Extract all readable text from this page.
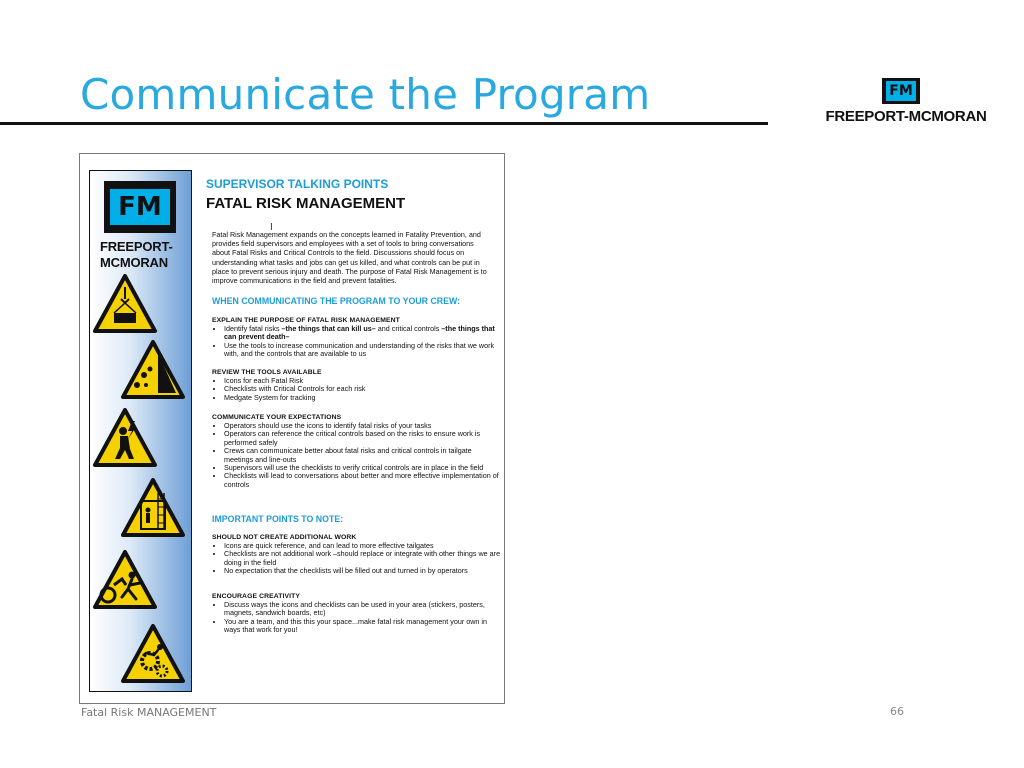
Communicate the Program	FM
FREEPORT-MCMORAN
FM
FREEPORT-
MCMORAN
SUPERVISOR TALKING POINTS
FATAL RISK MANAGEMENT
I
Fatal Risk Management expands on the concepts learned in Fatality Prevention, and provides field supervisors and employees with a set of tools to bring conversations about Fatal Risks and Critical Controls to the field. Discussions should focus on understanding what tasks and jobs can get us killed, and what controls can be put in place to prevent serious injury and death. The purpose of Fatal Risk Management is to improve communications in the field and prevent fatalities.
WHEN COMMUNICATING THE PROGRAM TO YOUR CREW:
EXPLAIN THE PURPOSE OF FATAL RISK MANAGEMENT
• Identify fatal risks –the things that can kill us– and critical controls –the things that can prevent death–
• Use the tools to increase communication and understanding of the risks that we work with, and the controls that are available to us
REVIEW THE TOOLS AVAILABLE
• Icons for each Fatal Risk
• Checklists with Critical Controls for each risk
• Medgate System for tracking
COMMUNICATE YOUR EXPECTATIONS
• Operators should use the icons to identify fatal risks of your tasks
• Operators can reference the critical controls based on the risks to ensure work is performed safely
• Crews can communicate better about fatal risks and critical controls in tailgate meetings and line-outs
• Supervisors will use the checklists to verify critical controls are in place in the field
• Checklists will lead to conversations about better and more effective implementation of controls
IMPORTANT POINTS TO NOTE:
SHOULD NOT CREATE ADDITIONAL WORK
• Icons are quick reference, and can lead to more effective tailgates
• Checklists are not additional work –should replace or integrate with other things we are doing in the field
• No expectation that the checklists will be filled out and turned in by operators
ENCOURAGE CREATIVITY
• Discuss ways the icons and checklists can be used in your area (stickers, posters, magnets, sandwich boards, etc)
• You are a team, and this this your space...make fatal risk management your own in ways that work for you!
Fatal Risk MANAGEMENT	66
